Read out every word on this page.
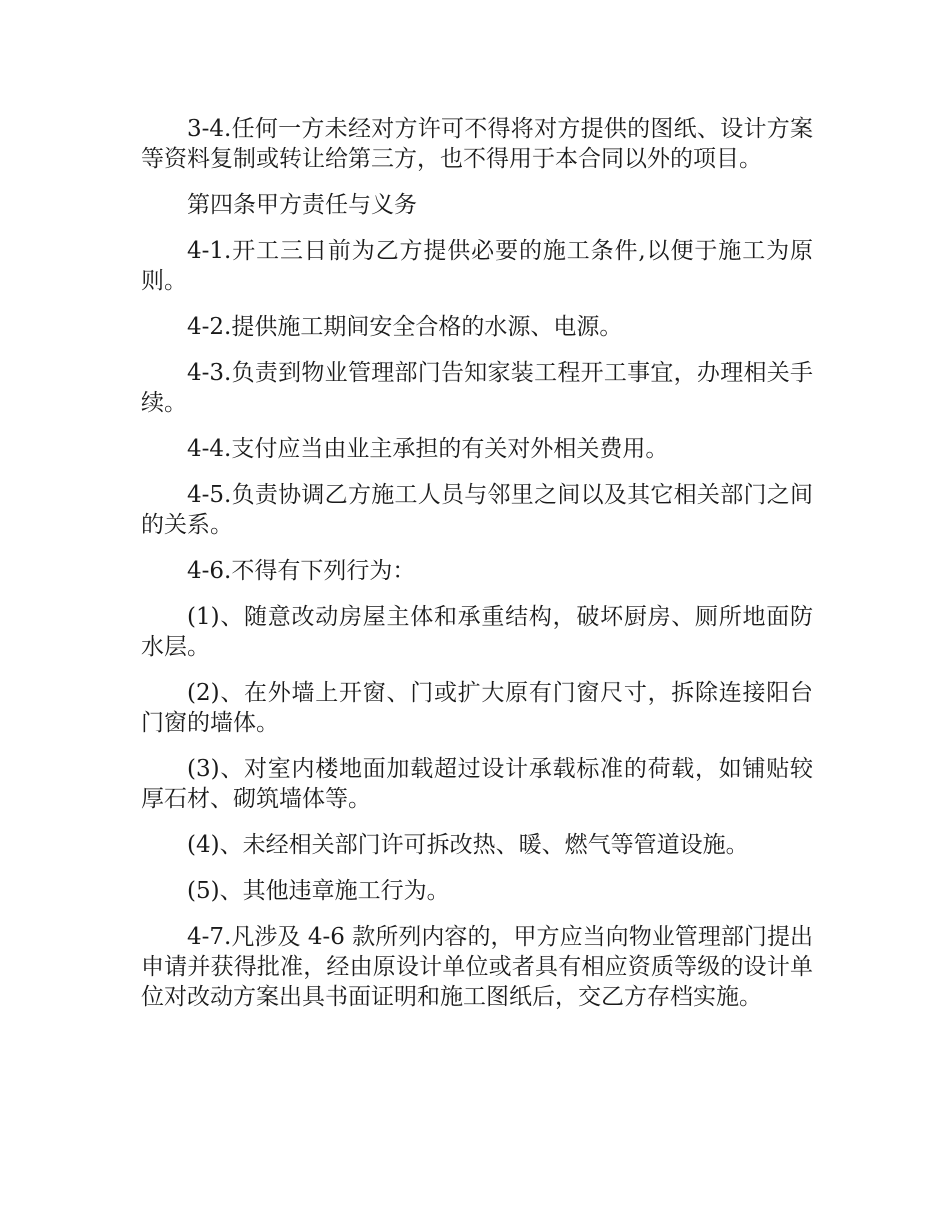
3-4.任何一方未经对方许可不得将对方提供的图纸、设计方案等资料复制或转让给第三方，也不得用于本合同以外的项目。

第四条甲方责任与义务

4-1.开工三日前为乙方提供必要的施工条件,以便于施工为原则。

4-2.提供施工期间安全合格的水源、电源。

4-3.负责到物业管理部门告知家装工程开工事宜，办理相关手续。

4-4.支付应当由业主承担的有关对外相关费用。

4-5.负责协调乙方施工人员与邻里之间以及其它相关部门之间的关系。

4-6.不得有下列行为：

(1)、随意改动房屋主体和承重结构，破坏厨房、厕所地面防水层。

(2)、在外墙上开窗、门或扩大原有门窗尺寸，拆除连接阳台门窗的墙体。

(3)、对室内楼地面加载超过设计承载标准的荷载，如铺贴较厚石材、砌筑墙体等。

(4)、未经相关部门许可拆改热、暖、燃气等管道设施。

(5)、其他违章施工行为。

4-7.凡涉及 4-6 款所列内容的，甲方应当向物业管理部门提出申请并获得批准，经由原设计单位或者具有相应资质等级的设计单位对改动方案出具书面证明和施工图纸后，交乙方存档实施。
